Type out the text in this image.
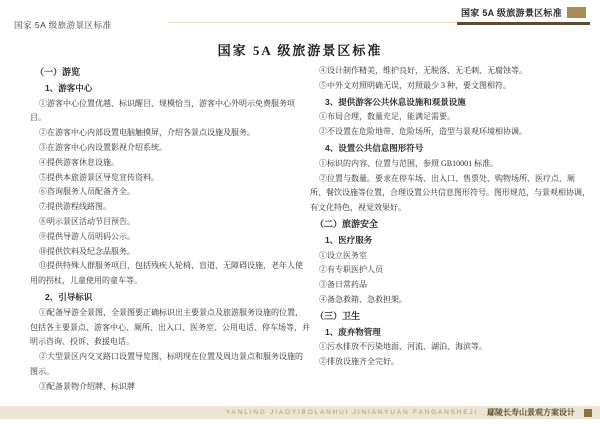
国家 5A 级旅游景区标准
国家 5A 级旅游景区标准
国家 5A 级旅游景区标准
（一）游览
1、游客中心
①游客中心位置优越、标识醒目、规模恰当，游客中心外明示免费服务项目。
②在游客中心内部设置电脑触摸屏，介绍各景点设施及服务。
③在游客中心内设置影视介绍系统。
④提供游客休息设施。
⑤提供本旅游景区导览宣传资料。
⑥咨询服务人员配备齐全。
⑦提供游程线路图。
⑧明示景区活动节目预告。
⑨提供导游人员明码公示。
⑩提供饮料及纪念品服务。
⑪提供特殊人群服务项目，包括残疾人轮椅、盲道、无障碍设施，老年人使用的拐杖，儿童使用的童车等。
2、引导标识
①配备导游全景图，全景图要正确标识出主要景点及旅游服务设施的位置，包括各主要景点、游客中心、厕所、出入口、医务室、公用电话、停车场等，并明示咨询、投诉、救援电话。
②大型景区内交叉路口设置导览图，标明现在位置及周边景点和服务设施的图示。
③配备景物介绍牌、标识牌
④设计制作精美，维护良好，无脱落、无毛刺、无腐蚀等。
⑤中外文对照明确无误，对照最少 3 种，要文图相符。
3、提供游客公共休息设施和观景设施
①布局合理，数量充足，能满足需要。
②不设置在危险地带、危险场所，造型与景观环境相协调。
4、设置公共信息图形符号
①标识的内容、位置与范围，参照 GB10001 标准。
②位置与数量。要求在停车场、出入口、售票处、购物场所、医疗点、厕所、餐饮设施等位置，合理设置公共信息图形符号。图形规范，与景观相协调，有文化特色，视觉效果好。
（二）旅游安全
1、医疗服务
①设立医务室
②有专职医护人员
③备日常药品
④备急救箱、急救担架。
（三）卫生
1、废弃物管理
①污水排放不污染地面、河流、湖泊、海滨等。
②排放设施齐全完好。
YANLING JIAOYIBOLANHUI JINIANYUAN FANGANSHEJI 鄢陵长寿山景观方案设计
